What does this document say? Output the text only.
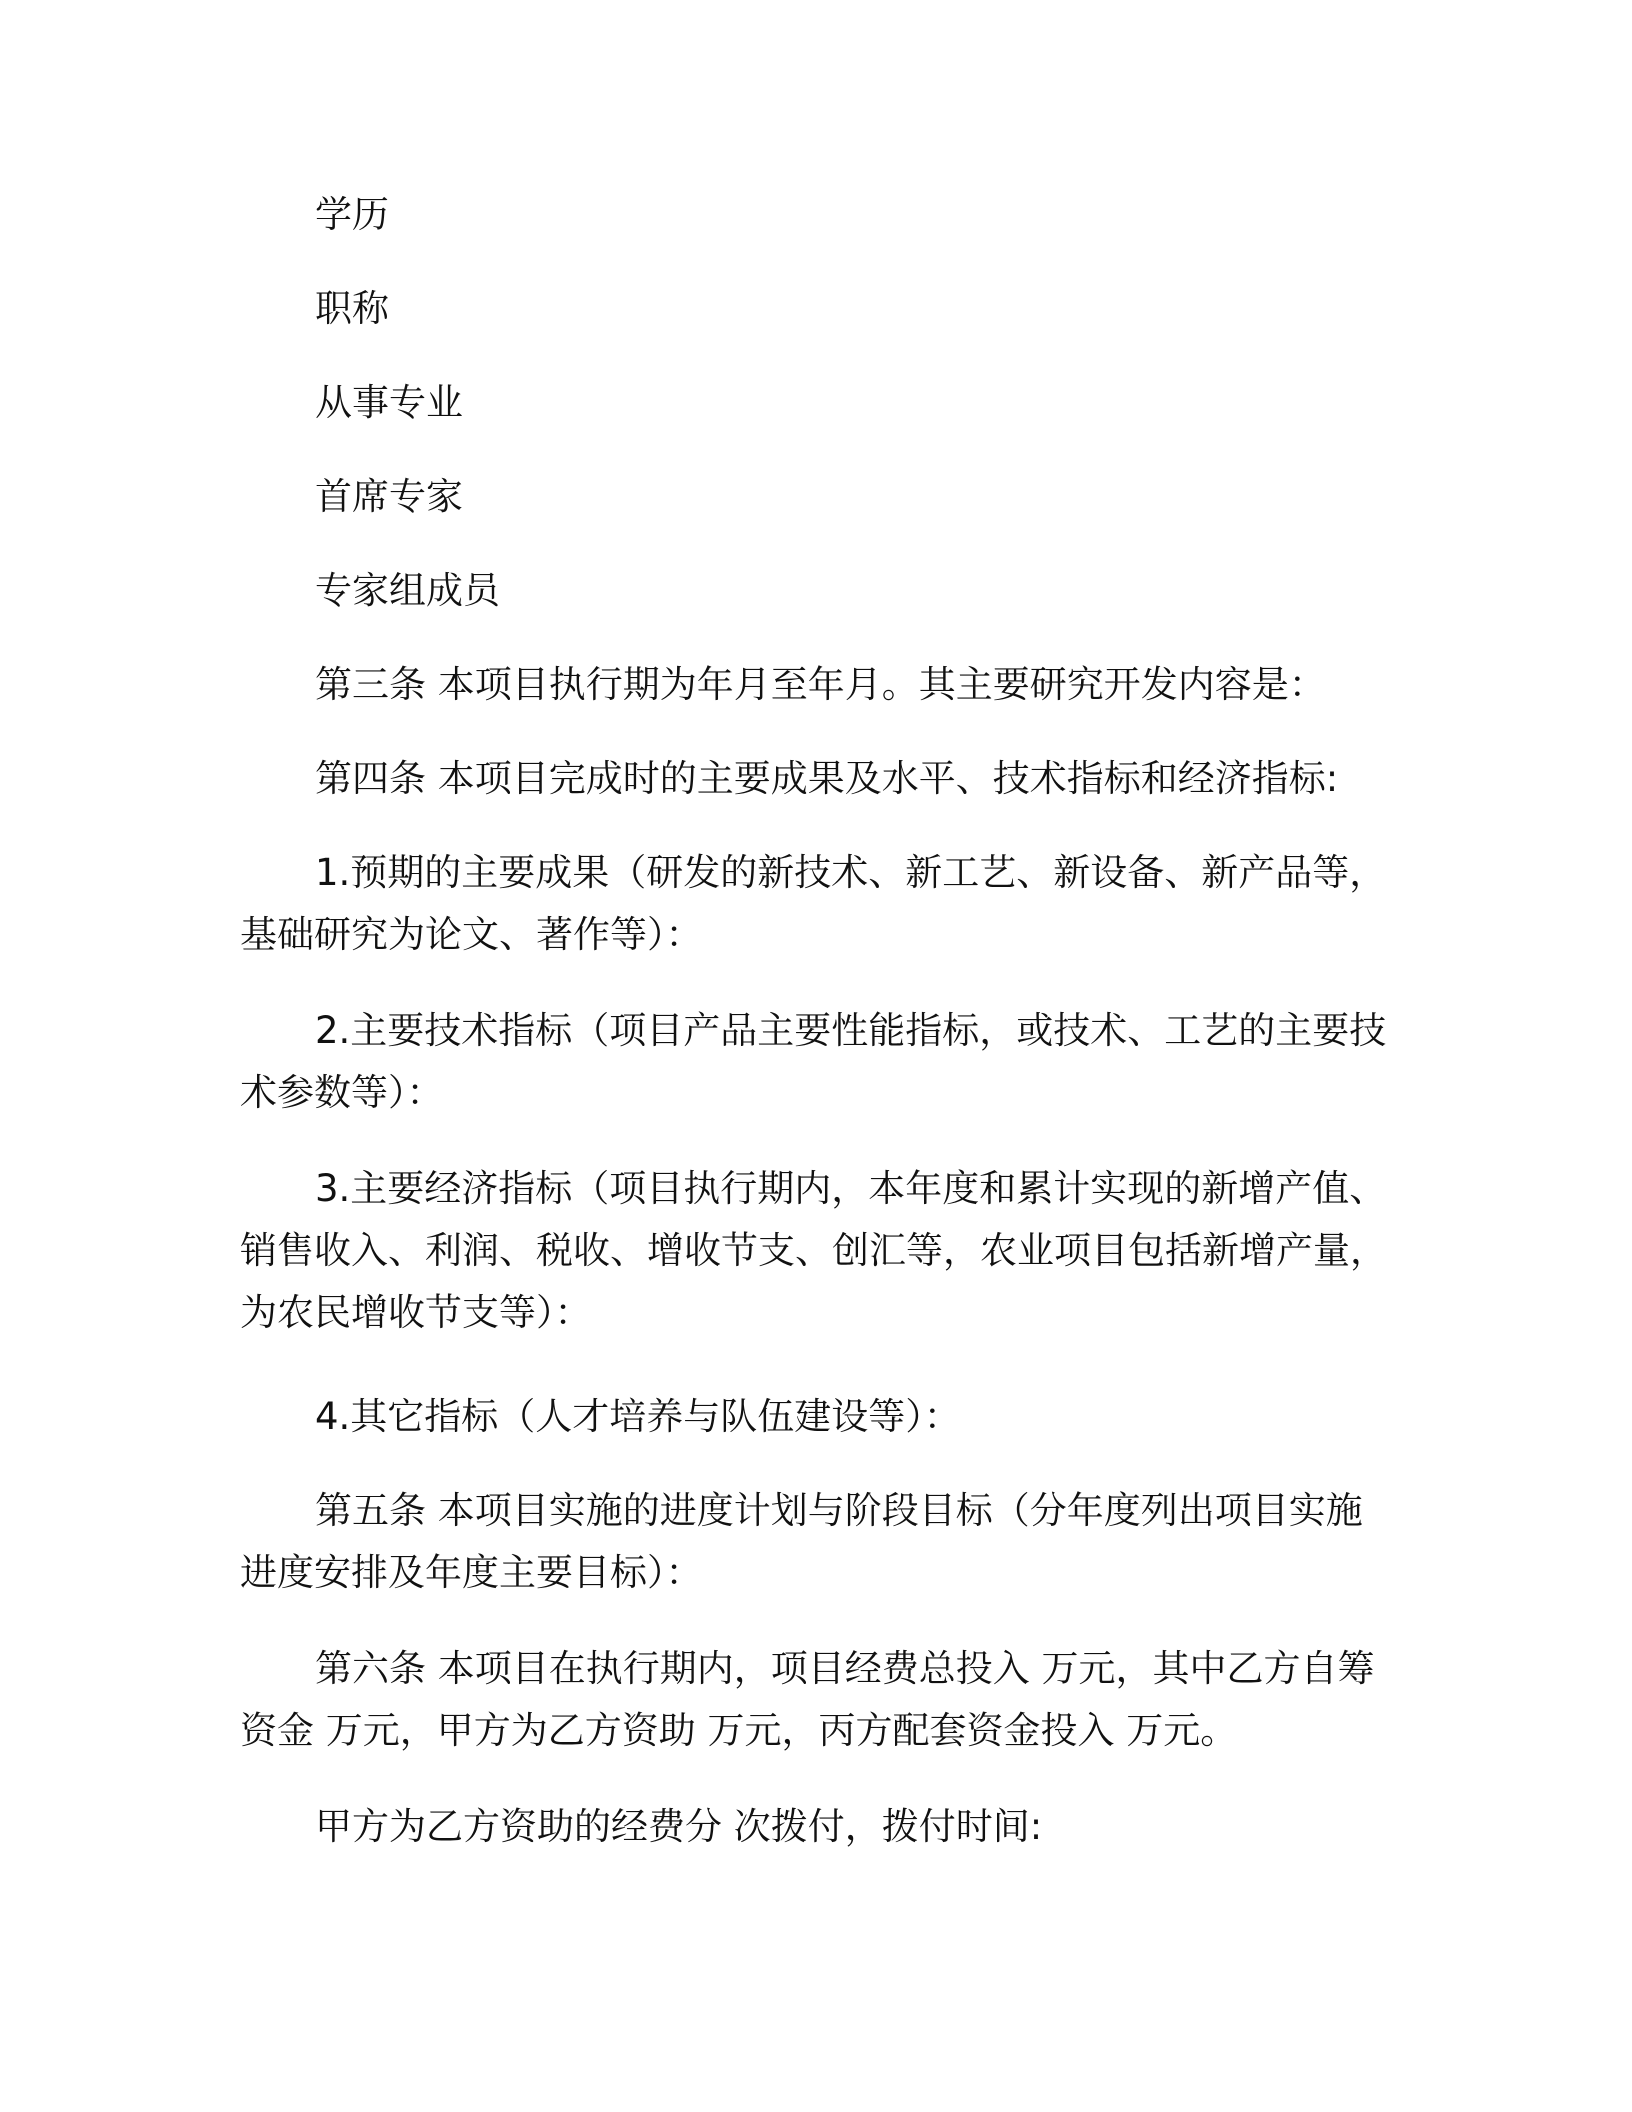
学历
职称
从事专业
首席专家
专家组成员
第三条 本项目执行期为年月至年月。其主要研究开发内容是：
第四条 本项目完成时的主要成果及水平、技术指标和经济指标:
1.预期的主要成果（研发的新技术、新工艺、新设备、新产品等，基础研究为论文、著作等）：
2.主要技术指标（项目产品主要性能指标，或技术、工艺的主要技术参数等）：
3.主要经济指标（项目执行期内，本年度和累计实现的新增产值、销售收入、利润、税收、增收节支、创汇等，农业项目包括新增产量，为农民增收节支等）：
4.其它指标（人才培养与队伍建设等）：
第五条 本项目实施的进度计划与阶段目标（分年度列出项目实施进度安排及年度主要目标）：
第六条 本项目在执行期内，项目经费总投入 万元，其中乙方自筹资金 万元，甲方为乙方资助 万元，丙方配套资金投入 万元。
甲方为乙方资助的经费分 次拨付，拨付时间:
